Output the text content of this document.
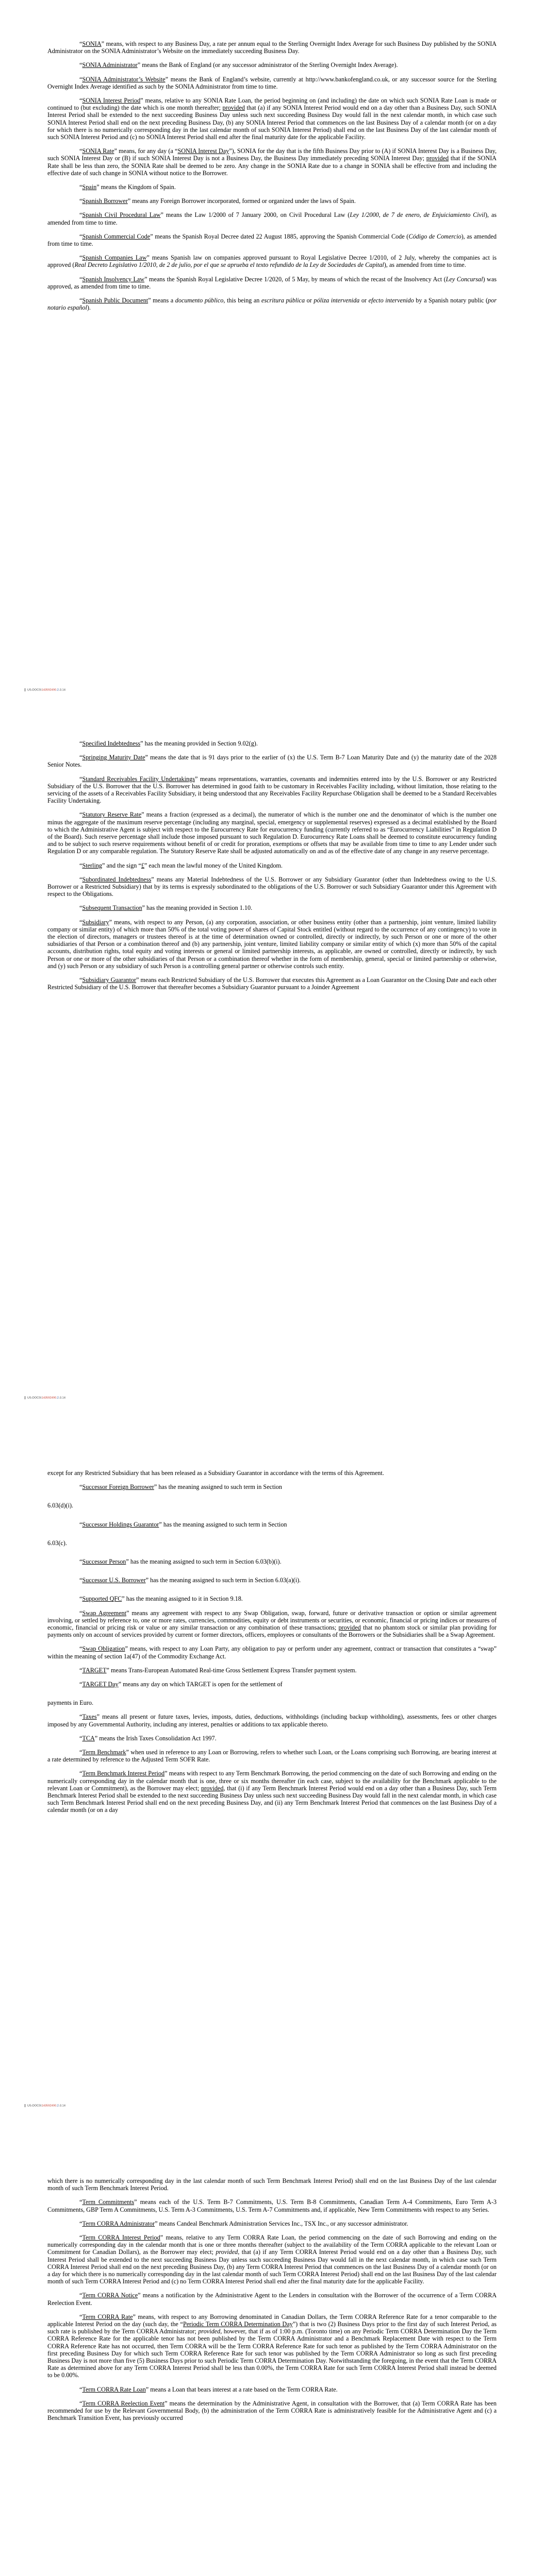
“SONIA” means, with respect to any Business Day, a rate per annum equal to the Sterling Overnight Index Average for such Business Day published by the SONIA Administrator on the SONIA Administrator’s Website on the immediately succeeding Business Day.

“SONIA Administrator” means the Bank of England (or any successor administrator of the Sterling Overnight Index Average).

“SONIA Administrator’s Website” means the Bank of England’s website, currently at http://www.bankofengland.co.uk, or any successor source for the Sterling Overnight Index Average identified as such by the SONIA Administrator from time to time.

“SONIA Interest Period” means, relative to any SONIA Rate Loan, the period beginning on (and including) the date on which such SONIA Rate Loan is made or continued to (but excluding) the date which is one month thereafter; provided that (a) if any SONIA Interest Period would end on a day other than a Business Day, such SONIA Interest Period shall be extended to the next succeeding Business Day unless such next succeeding Business Day would fall in the next calendar month, in which case such SONIA Interest Period shall end on the next preceding Business Day, (b) any SONIA Interest Period that commences on the last Business Day of a calendar month (or on a day for which there is no numerically corresponding day in the last calendar month of such SONIA Interest Period) shall end on the last Business Day of the last calendar month of such SONIA Interest Period and (c) no SONIA Interest Period shall end after the final maturity date for the applicable Facility.

“SONIA Rate” means, for any day (a “SONIA Interest Day”), SONIA for the day that is the fifth Business Day prior to (A) if SONIA Interest Day is a Business Day, such SONIA Interest Day or (B) if such SONIA Interest Day is not a Business Day, the Business Day immediately preceding SONIA Interest Day; provided that if the SONIA Rate shall be less than zero, the SONIA Rate shall be deemed to be zero. Any change in the SONIA Rate due to a change in SONIA shall be effective from and including the effective date of such change in SONIA without notice to the Borrower.

“Spain” means the Kingdom of Spain.

“Spanish Borrower” means any Foreign Borrower incorporated, formed or organized under the laws of Spain.

“Spanish Civil Procedural Law” means the Law 1/2000 of 7 January 2000, on Civil Procedural Law (Ley 1/2000, de 7 de enero, de Enjuiciamiento Civil), as amended from time to time.

“Spanish Commercial Code” means the Spanish Royal Decree dated 22 August 1885, approving the Spanish Commercial Code (Código de Comercio), as amended from time to time.

“Spanish Companies Law” means Spanish law on companies approved pursuant to Royal Legislative Decree 1/2010, of 2 July, whereby the companies act is approved (Real Decreto Legislativo 1/2010, de 2 de julio, por el que se aprueba el texto refundido de la Ley de Sociedades de Capital), as amended from time to time.

“Spanish Insolvency Law” means the Spanish Royal Legislative Decree 1/2020, of 5 May, by means of which the recast of the Insolvency Act (Ley Concursal) was approved, as amended from time to time.

“Spanish Public Document” means a documento público, this being an escritura pública or póliza intervenida or efecto intervenido by a Spanish notary public (por notario español).

US-DOCS\143592490.2-3.14

“Specified Indebtedness” has the meaning provided in Section 9.02(g).

“Springing Maturity Date” means the date that is 91 days prior to the earlier of (x) the U.S. Term B-7 Loan Maturity Date and (y) the maturity date of the 2028 Senior Notes.

“Standard Receivables Facility Undertakings” means representations, warranties, covenants and indemnities entered into by the U.S. Borrower or any Restricted Subsidiary of the U.S. Borrower that the U.S. Borrower has determined in good faith to be customary in Receivables Facility including, without limitation, those relating to the servicing of the assets of a Receivables Facility Subsidiary, it being understood that any Receivables Facility Repurchase Obligation shall be deemed to be a Standard Receivables Facility Undertaking.

“Statutory Reserve Rate” means a fraction (expressed as a decimal), the numerator of which is the number one and the denominator of which is the number one minus the aggregate of the maximum reserve percentage (including any marginal, special, emergency or supplemental reserves) expressed as a decimal established by the Board to which the Administrative Agent is subject with respect to the Eurocurrency Rate for eurocurrency funding (currently referred to as “Eurocurrency Liabilities” in Regulation D of the Board). Such reserve percentage shall include those imposed pursuant to such Regulation D. Eurocurrency Rate Loans shall be deemed to constitute eurocurrency funding and to be subject to such reserve requirements without benefit of or credit for proration, exemptions or offsets that may be available from time to time to any Lender under such Regulation D or any comparable regulation. The Statutory Reserve Rate shall be adjusted automatically on and as of the effective date of any change in any reserve percentage.

“Sterling” and the sign “£” each mean the lawful money of the United Kingdom.

“Subordinated Indebtedness” means any Material Indebtedness of the U.S. Borrower or any Subsidiary Guarantor (other than Indebtedness owing to the U.S. Borrower or a Restricted Subsidiary) that by its terms is expressly subordinated to the obligations of the U.S. Borrower or such Subsidiary Guarantor under this Agreement with respect to the Obligations.

“Subsequent Transaction” has the meaning provided in Section 1.10.

“Subsidiary” means, with respect to any Person, (a) any corporation, association, or other business entity (other than a partnership, joint venture, limited liability company or similar entity) of which more than 50% of the total voting power of shares of Capital Stock entitled (without regard to the occurrence of any contingency) to vote in the election of directors, managers or trustees thereof is at the time of determination owned or controlled, directly or indirectly, by such Person or one or more of the other subsidiaries of that Person or a combination thereof and (b) any partnership, joint venture, limited liability company or similar entity of which (x) more than 50% of the capital accounts, distribution rights, total equity and voting interests or general or limited partnership interests, as applicable, are owned or controlled, directly or indirectly, by such Person or one or more of the other subsidiaries of that Person or a combination thereof whether in the form of membership, general, special or limited partnership or otherwise, and (y) such Person or any subsidiary of such Person is a controlling general partner or otherwise controls such entity.

“Subsidiary Guarantor” means each Restricted Subsidiary of the U.S. Borrower that executes this Agreement as a Loan Guarantor on the Closing Date and each other Restricted Subsidiary of the U.S. Borrower that thereafter becomes a Subsidiary Guarantor pursuant to a Joinder Agreement

US-DOCS\143592490.2-3.14

except for any Restricted Subsidiary that has been released as a Subsidiary Guarantor in accordance with the terms of this Agreement.

“Successor Foreign Borrower” has the meaning assigned to such term in Section

6.03(d)(i).

“Successor Holdings Guarantor” has the meaning assigned to such term in Section

6.03(c).

“Successor Person” has the meaning assigned to such term in Section 6.03(b)(i).

“Successor U.S. Borrower” has the meaning assigned to such term in Section 6.03(a)(i).

“Supported QFC” has the meaning assigned to it in Section 9.18.

“Swap Agreement” means any agreement with respect to any Swap Obligation, swap, forward, future or derivative transaction or option or similar agreement involving, or settled by reference to, one or more rates, currencies, commodities, equity or debt instruments or securities, or economic, financial or pricing indices or measures of economic, financial or pricing risk or value or any similar transaction or any combination of these transactions; provided that no phantom stock or similar plan providing for payments only on account of services provided by current or former directors, officers, employees or consultants of the Borrowers or the Subsidiaries shall be a Swap Agreement.

“Swap Obligation” means, with respect to any Loan Party, any obligation to pay or perform under any agreement, contract or transaction that constitutes a “swap” within the meaning of section 1a(47) of the Commodity Exchange Act.

“TARGET” means Trans-European Automated Real-time Gross Settlement Express Transfer payment system.

“TARGET Day” means any day on which TARGET is open for the settlement of

payments in Euro.

“Taxes” means all present or future taxes, levies, imposts, duties, deductions, withholdings (including backup withholding), assessments, fees or other charges imposed by any Governmental Authority, including any interest, penalties or additions to tax applicable thereto.

“TCA” means the Irish Taxes Consolidation Act 1997.

“Term Benchmark” when used in reference to any Loan or Borrowing, refers to whether such Loan, or the Loans comprising such Borrowing, are bearing interest at a rate determined by reference to the Adjusted Term SOFR Rate.

“Term Benchmark Interest Period” means with respect to any Term Benchmark Borrowing, the period commencing on the date of such Borrowing and ending on the numerically corresponding day in the calendar month that is one, three or six months thereafter (in each case, subject to the availability for the Benchmark applicable to the relevant Loan or Commitment), as the Borrower may elect; provided, that (i) if any Term Benchmark Interest Period would end on a day other than a Business Day, such Term Benchmark Interest Period shall be extended to the next succeeding Business Day unless such next succeeding Business Day would fall in the next calendar month, in which case such Term Benchmark Interest Period shall end on the next preceding Business Day, and (ii) any Term Benchmark Interest Period that commences on the last Business Day of a calendar month (or on a day

US-DOCS\143592490.2-3.14

which there is no numerically corresponding day in the last calendar month of such Term Benchmark Interest Period) shall end on the last Business Day of the last calendar month of such Term Benchmark Interest Period.

“Term Commitments” means each of the U.S. Term B-7 Commitments, U.S. Term B-8 Commitments, Canadian Term A-4 Commitments, Euro Term A-3 Commitments, GBP Term A Commitments, U.S. Term A-3 Commitments, U.S. Term A-7 Commitments and, if applicable, New Term Commitments with respect to any Series.

“Term CORRA Administrator” means Candeal Benchmark Administration Services Inc., TSX Inc., or any successor administrator.

“Term CORRA Interest Period” means, relative to any Term CORRA Rate Loan, the period commencing on the date of such Borrowing and ending on the numerically corresponding day in the calendar month that is one or three months thereafter (subject to the availability of the Term CORRA applicable to the relevant Loan or Commitment for Canadian Dollars), as the Borrower may elect; provided, that (a) if any Term CORRA Interest Period would end on a day other than a Business Day, such Interest Period shall be extended to the next succeeding Business Day unless such succeeding Business Day would fall in the next calendar month, in which case such Term CORRA Interest Period shall end on the next preceding Business Day, (b) any Term CORRA Interest Period that commences on the last Business Day of a calendar month (or on a day for which there is no numerically corresponding day in the last calendar month of such Term CORRA Interest Period) shall end on the last Business Day of the last calendar month of such Term CORRA Interest Period and (c) no Term CORRA Interest Period shall end after the final maturity date for the applicable Facility.

“Term CORRA Notice” means a notification by the Administrative Agent to the Lenders in consultation with the Borrower of the occurrence of a Term CORRA Reelection Event.

“Term CORRA Rate” means, with respect to any Borrowing denominated in Canadian Dollars, the Term CORRA Reference Rate for a tenor comparable to the applicable Interest Period on the day (such day, the “Periodic Term CORRA Determination Day”) that is two (2) Business Days prior to the first day of such Interest Period, as such rate is published by the Term CORRA Administrator; provided, however, that if as of 1:00 p.m. (Toronto time) on any Periodic Term CORRA Determination Day the Term CORRA Reference Rate for the applicable tenor has not been published by the Term CORRA Administrator and a Benchmark Replacement Date with respect to the Term CORRA Reference Rate has not occurred, then Term CORRA will be the Term CORRA Reference Rate for such tenor as published by the Term CORRA Administrator on the first preceding Business Day for which such Term CORRA Reference Rate for such tenor was published by the Term CORRA Administrator so long as such first preceding Business Day is not more than five (5) Business Days prior to such Periodic Term CORRA Determination Day. Notwithstanding the foregoing, in the event that the Term CORRA Rate as determined above for any Term CORRA Interest Period shall be less than 0.00%, the Term CORRA Rate for such Term CORRA Interest Period shall instead be deemed to be 0.00%.

“Term CORRA Rate Loan” means a Loan that bears interest at a rate based on the Term CORRA Rate.

“Term CORRA Reelection Event” means the determination by the Administrative Agent, in consultation with the Borrower, that (a) Term CORRA Rate has been recommended for use by the Relevant Governmental Body, (b) the administration of the Term CORRA Rate is administratively feasible for the Administrative Agent and (c) a Benchmark Transition Event, has previously occurred
